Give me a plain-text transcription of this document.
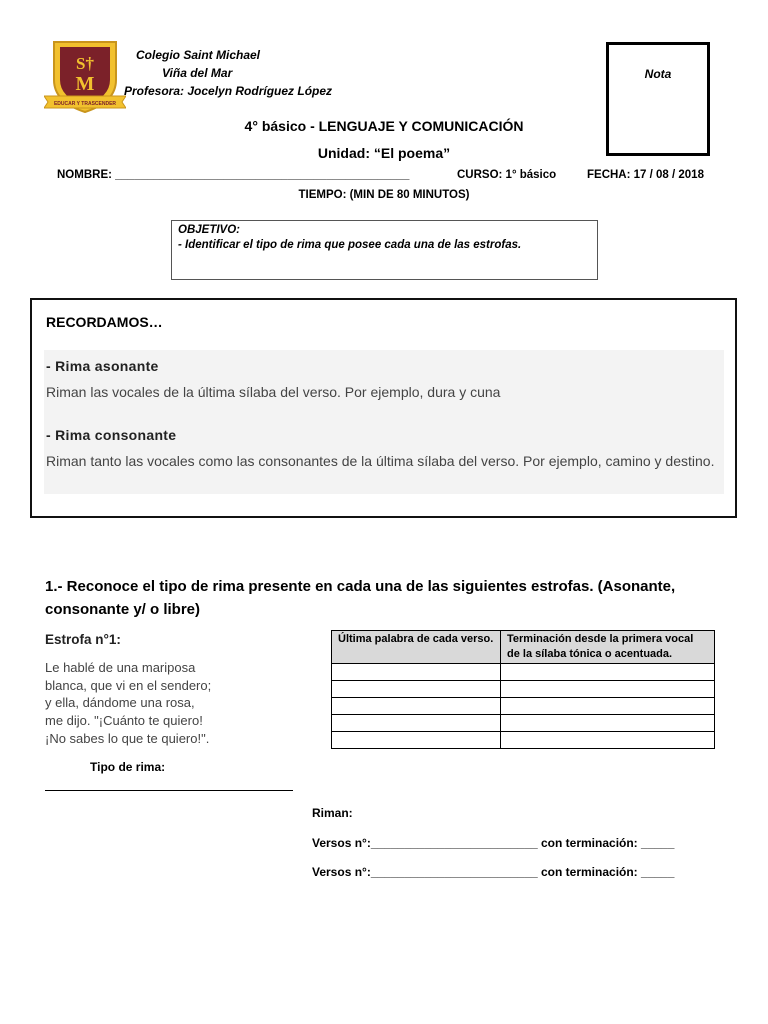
S†
M
EDUCAR Y TRASCENDER
Colegio Saint Michael
Viña del Mar
Profesora: Jocelyn Rodríguez López
Nota
4° básico - LENGUAJE Y COMUNICACIÓN
Unidad: “El poema”
NOMBRE: ______________________________________________	CURSO: 1° básico	FECHA: 17 / 08 / 2018
TIEMPO: (MIN DE 80 MINUTOS)
OBJETIVO:
- Identificar el tipo de rima que posee cada una de las estrofas.
RECORDAMOS…
- Rima asonante
Riman las vocales de la última sílaba del verso. Por ejemplo, dura y cuna
- Rima consonante
Riman tanto las vocales como las consonantes de la última sílaba del verso. Por ejemplo, camino y destino.
1.- Reconoce el tipo de rima presente en cada una de las siguientes estrofas. (Asonante, consonante y/ o libre)
Estrofa n°1:
Le hablé de una mariposa
blanca, que vi en el sendero;
y ella, dándome una rosa,
me dijo. "¡Cuánto te quiero!
¡No sabes lo que te quiero!".
Tipo de rima:
Última palabra de cada verso.	Terminación desde la primera vocal de la sílaba tónica o acentuada.

Riman:
Versos n°:_________________________ con terminación: _____
Versos n°:_________________________ con terminación: _____
